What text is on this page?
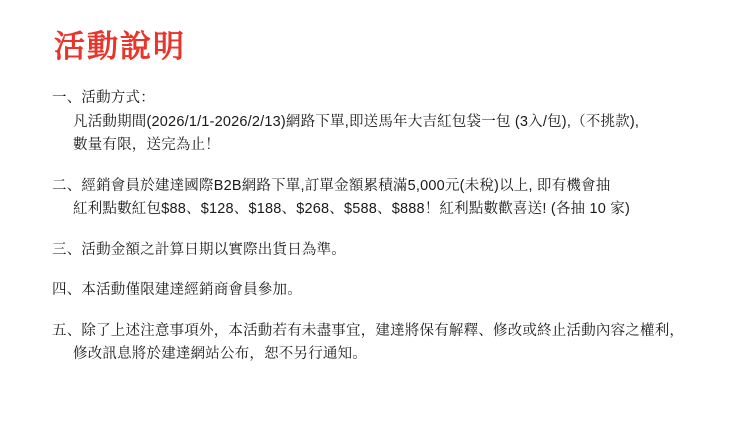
活動說明
一、活動方式：
凡活動期間(2026/1/1-2026/2/13)網路下單,即送馬年大吉紅包袋一包 (3入/包),（不挑款),
數量有限，送完為止！
二、經銷會員於建達國際B2B網路下單,訂單金額累積滿5,000元(未稅)以上, 即有機會抽
紅利點數紅包$88、$128、$188、$268、$588、$888！紅利點數歡喜送! (各抽 10 家)
三、活動金額之計算日期以實際出貨日為準。
四、本活動僅限建達經銷商會員參加。
五、除了上述注意事項外，本活動若有未盡事宜，建達將保有解釋、修改或終止活動內容之權利，
修改訊息將於建達網站公布，恕不另行通知。
